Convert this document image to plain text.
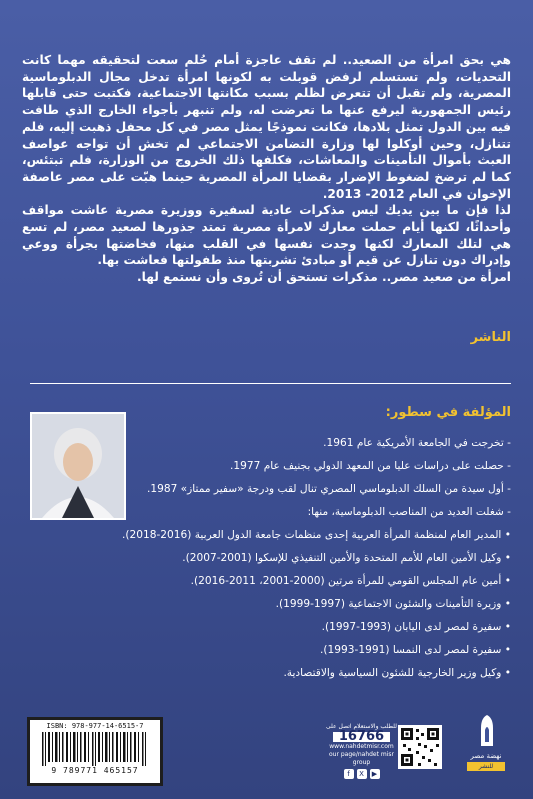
هي بحق امرأة من الصعيد.. لم تقف عاجزة أمام حُلم سعت لتحقيقه مهما كانت التحديات، ولم تستسلم لرفض قوبلت به لكونها امرأة تدخل مجال الدبلوماسية المصرية، ولم تقبل أن تتعرض لظلم بسبب مكانتها الاجتماعية، فكتبت حتى قابلها رئيس الجمهورية ليرفع عنها ما تعرضت له، ولم تنبهر بأجواء الخارج الذي طافت فيه بين الدول تمثل بلادها، فكانت نموذجًا يمثل مصر في كل محفل ذهبت إليه، فلم تتنازل، وحين أوكلوا لها وزارة التضامن الاجتماعي لم تخش أن تواجه عواصف العبث بأموال التأمينات والمعاشات، فكلفها ذلك الخروج من الوزارة، فلم تبتئس، كما لم ترضخ لضغوط الإضرار بقضايا المرأة المصرية حينما هبّت على مصر عاصفة الإخوان في العام 2012- 2013.

لذا فإن ما بين يديك ليس مذكرات عادية لسفيرة ووزيرة مصرية عاشت مواقف وأحداثًا، لكنها أيام حملت معارك لامرأة مصرية تمتد جذورها لصعيد مصر، لم تسع هي لتلك المعارك لكنها وجدت نفسها في القلب منها، فخاضتها بجرأة ووعي وإدراك دون تنازل عن قيم أو مبادئ تشربتها منذ طفولتها فعاشت بها.

امرأة من صعيد مصر.. مذكرات تستحق أن تُروى وأن نستمع لها.

الناشر
المؤلفة في سطور:
- تخرجت في الجامعة الأمريكية عام 1961.
- حصلت على دراسات عليا من المعهد الدولي بجنيف عام 1977.
- أول سيدة من السلك الدبلوماسي المصري تنال لقب ودرجة «سفير ممتاز» 1987.
- شغلت العديد من المناصب الدبلوماسية، منها:
• المدير العام لمنظمة المرأة العربية إحدى منظمات جامعة الدول العربية (2016-2018).
• وكيل الأمين العام للأمم المتحدة والأمين التنفيذي للإسكوا (2001-2007).
• أمين عام المجلس القومي للمرأة مرتين (2000-2001، 2011-2016).
• وزيرة التأمينات والشئون الاجتماعية (1997-1999).
• سفيرة لمصر لدى اليابان (1993-1997).
• سفيرة لمصر لدى النمسا (1991-1993).
• وكيل وزير الخارجية للشئون السياسية والاقتصادية.
ISBN: 978-977-14-6515-7
9 789771 465157
للطلب والاستعلام اتصل على
16766
www.nahdetmisr.com
our page/nahdet misr group
f	X	▶
نهضة مصر
للنشر
